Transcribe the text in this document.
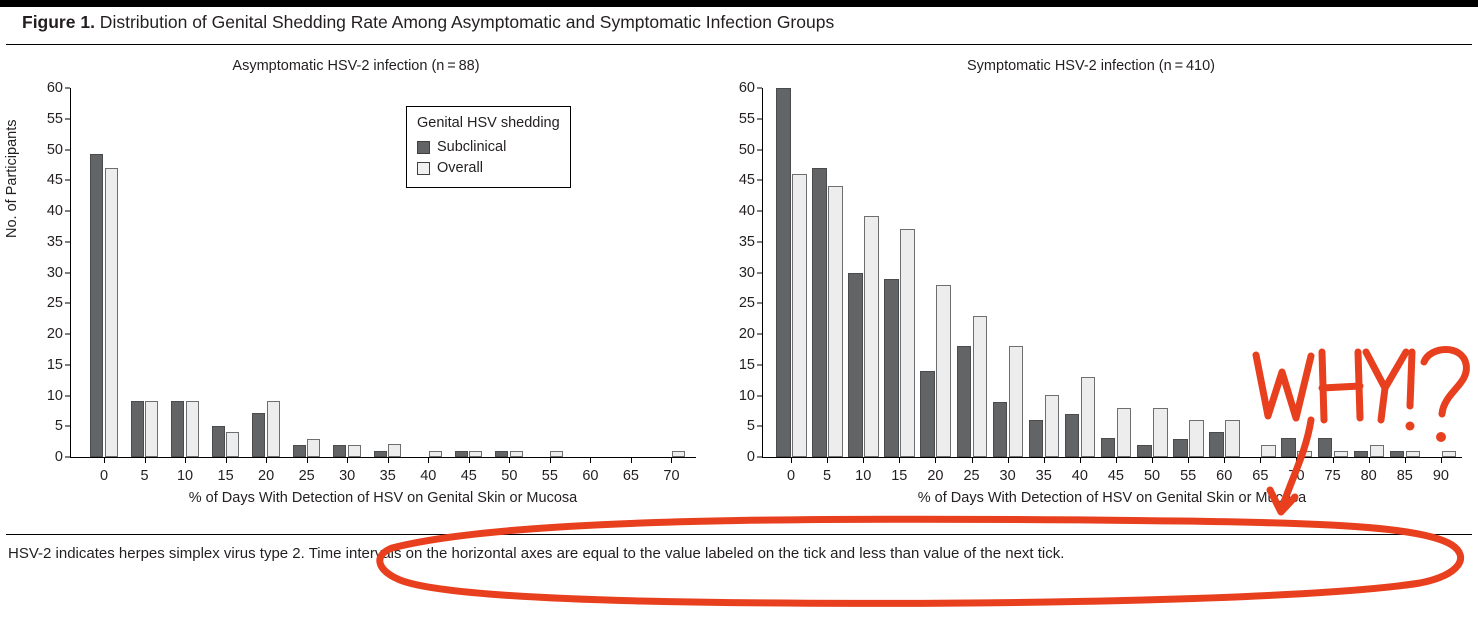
Figure 1. Distribution of Genital Shedding Rate Among Asymptomatic and Symptomatic Infection Groups
Asymptomatic HSV-2 infection (n = 88)
No. of Participants
% of Days With Detection of HSV on Genital Skin or Mucosa
0
5
10
15
20
25
30
35
40
45
50
55
60
0 5 10 15 20 25 30 35 40 45 50 55 60 65 70
Genital HSV shedding
Subclinical
Overall
Symptomatic HSV-2 infection (n = 410)
% of Days With Detection of HSV on Genital Skin or Mucosa
0
5
10
15
20
25
30
35
40
45
50
55
60
0 5 10 15 20 25 30 35 40 45 50 55 60 65 70 75 80 85 90
HSV-2 indicates herpes simplex virus type 2. Time intervals on the horizontal axes are equal to the value labeled on the tick and less than value of the next tick.
